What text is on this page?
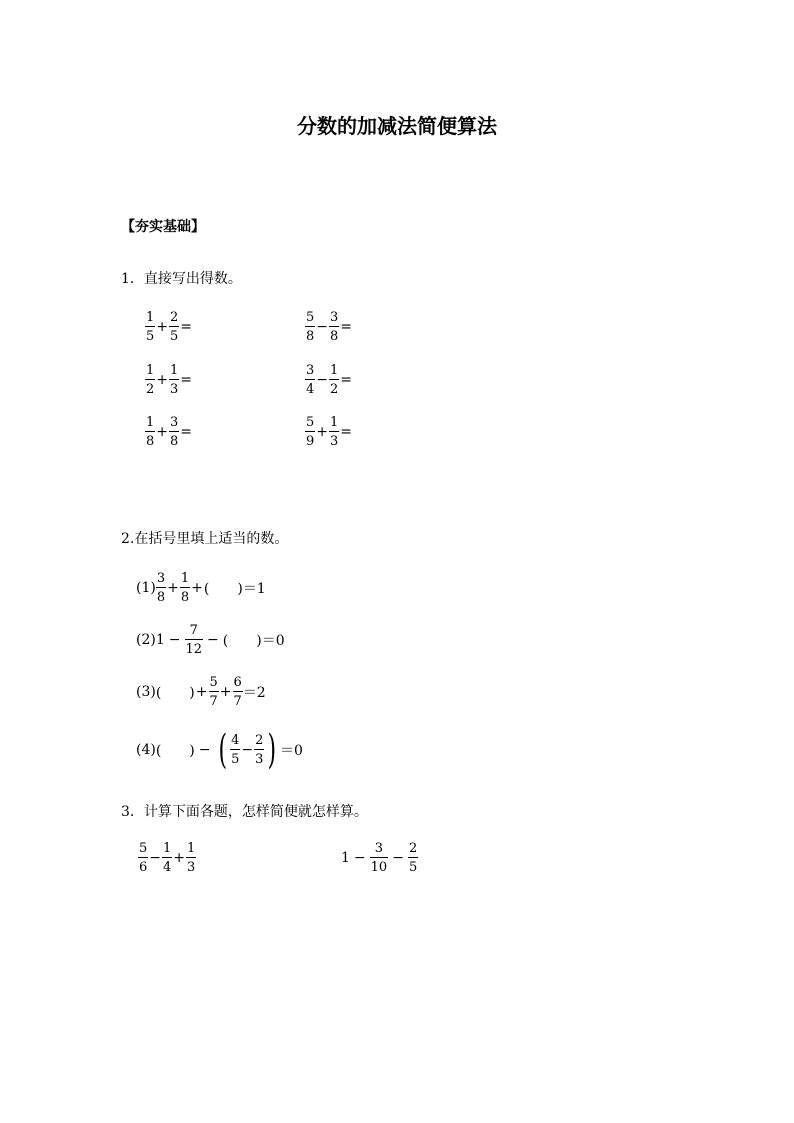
分数的加减法简便算法
【夯实基础】
1．直接写出得数。
$\frac{1}{5} + \frac{2}{5}$ =	$\frac{5}{8} - \frac{3}{8}$ =
$\frac{1}{2} + \frac{1}{3}$ =	$\frac{3}{4} - \frac{1}{2}$ =
$\frac{1}{8} + \frac{3}{8}$ =	$\frac{5}{9} + \frac{1}{3}$ =
2.在括号里填上适当的数。
$(1) \frac{3}{8} + \frac{1}{8}$ + (　　) ＝1
(2) $1 - \frac{7}{12}$ − (　　) ＝0
(3) (　　) + $\frac{5}{7} + \frac{6}{7} =2$
(4) (　　) − ( $\frac{4}{5} - \frac{2}{3}$ ) ＝0
3．计算下面各题，怎样简便就怎样算。
$\frac{5}{6} - \frac{1}{4} + \frac{1}{3}$	$1 - \frac{3}{10} - \frac{2}{5}$
